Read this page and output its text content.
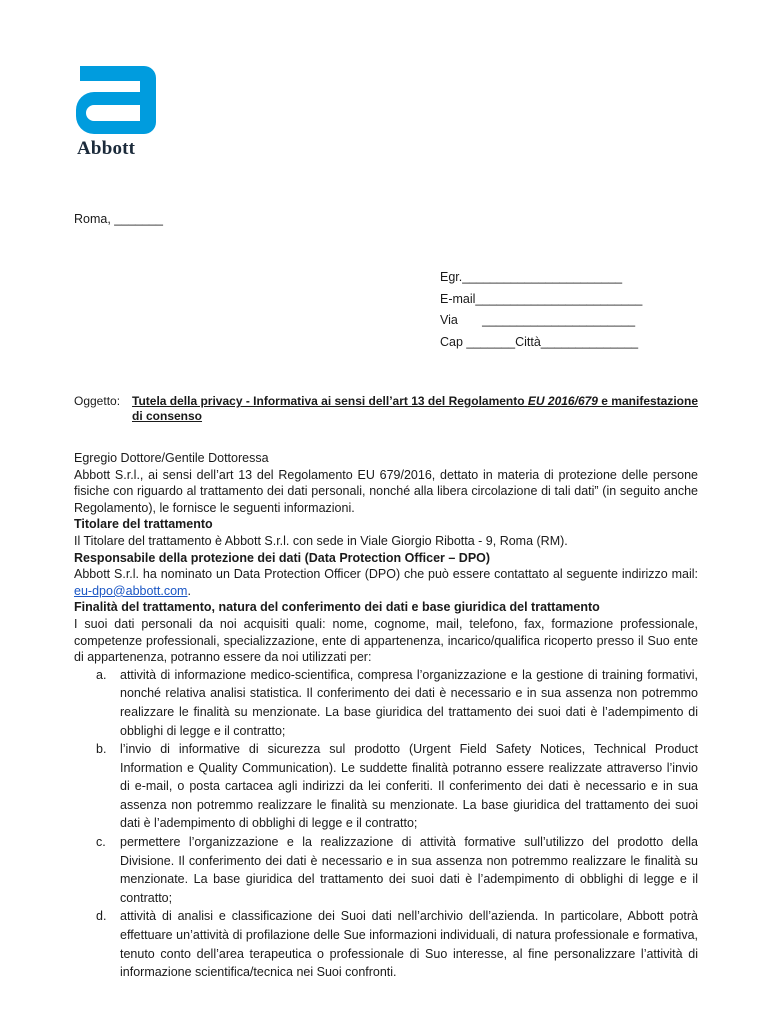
Abbott
Roma, _______
Egr._______________________
E-mail________________________
Via       ______________________
Cap _______Città______________
Oggetto: Tutela della privacy - Informativa ai sensi dell’art 13 del Regolamento EU 2016/679 e manifestazione di consenso

Egregio Dottore/Gentile Dottoressa

Abbott S.r.l., ai sensi dell’art 13 del Regolamento EU 679/2016, dettato in materia di protezione delle persone fisiche con riguardo al trattamento dei dati personali, nonché alla libera circolazione di tali dati” (in seguito anche Regolamento), le fornisce le seguenti informazioni.

Titolare del trattamento

Il Titolare del trattamento è Abbott S.r.l. con sede in Viale Giorgio Ribotta - 9, Roma (RM).

Responsabile della protezione dei dati (Data Protection Officer – DPO)

Abbott S.r.l. ha nominato un Data Protection Officer (DPO) che può essere contattato al seguente indirizzo mail: eu-dpo@abbott.com.

Finalità del trattamento, natura del conferimento dei dati e base giuridica del trattamento

I suoi dati personali da noi acquisiti quali: nome, cognome, mail, telefono, fax, formazione professionale, competenze professionali, specializzazione, ente di appartenenza, incarico/qualifica ricoperto presso il Suo ente di appartenenza, potranno essere da noi utilizzati per:

a. attività di informazione medico-scientifica, compresa l’organizzazione e la gestione di training formativi, nonché relativa analisi statistica. Il conferimento dei dati è necessario e in sua assenza non potremmo realizzare le finalità su menzionate. La base giuridica del trattamento dei suoi dati è l’adempimento di obblighi di legge e il contratto;
b. l’invio di informative di sicurezza sul prodotto (Urgent Field Safety Notices, Technical Product Information e Quality Communication). Le suddette finalità potranno essere realizzate attraverso l’invio di e-mail, o posta cartacea agli indirizzi da lei conferiti. Il conferimento dei dati è necessario e in sua assenza non potremmo realizzare le finalità su menzionate. La base giuridica del trattamento dei suoi dati è l’adempimento di obblighi di legge e il contratto;
c. permettere l’organizzazione e la realizzazione di attività formative sull’utilizzo del prodotto della Divisione. Il conferimento dei dati è necessario e in sua assenza non potremmo realizzare le finalità su menzionate. La base giuridica del trattamento dei suoi dati è l’adempimento di obblighi di legge e il contratto;
d. attività di analisi e classificazione dei Suoi dati nell’archivio dell’azienda. In particolare, Abbott potrà effettuare un’attività di profilazione delle Sue informazioni individuali, di natura professionale e formativa, tenuto conto dell’area terapeutica o professionale di Suo interesse, al fine personalizzare l’attività di informazione scientifica/tecnica nei Suoi confronti.
